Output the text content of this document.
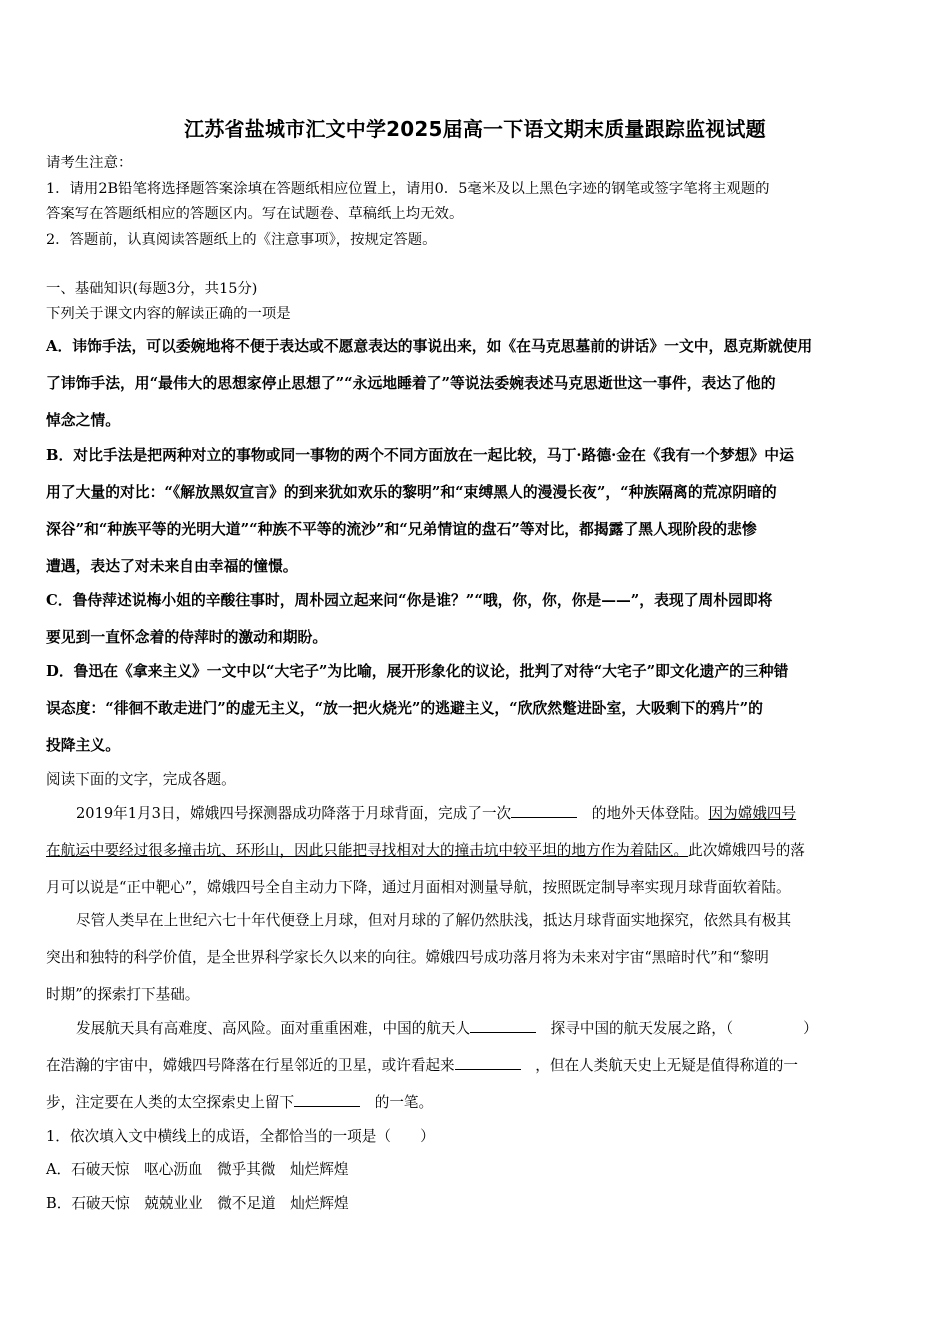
江苏省盐城市汇文中学2025届高一下语文期末质量跟踪监视试题
请考生注意：
1．请用2B铅笔将选择题答案涂填在答题纸相应位置上，请用0．5毫米及以上黑色字迹的钢笔或签字笔将主观题的
答案写在答题纸相应的答题区内。写在试题卷、草稿纸上均无效。
2．答题前，认真阅读答题纸上的《注意事项》，按规定答题。
一、基础知识(每题3分，共15分)
下列关于课文内容的解读正确的一项是
A．讳饰手法，可以委婉地将不便于表达或不愿意表达的事说出来，如《在马克思墓前的讲话》一文中，恩克斯就使用
了讳饰手法，用“最伟大的思想家停止思想了”“永远地睡着了”等说法委婉表述马克思逝世这一事件，表达了他的
悼念之情。
B．对比手法是把两种对立的事物或同一事物的两个不同方面放在一起比较，马丁·路德·金在《我有一个梦想》中运
用了大量的对比：“《解放黑奴宣言》的到来犹如欢乐的黎明”和“束缚黑人的漫漫长夜”，“种族隔离的荒凉阴暗的
深谷”和“种族平等的光明大道”“种族不平等的流沙”和“兄弟情谊的盘石”等对比，都揭露了黑人现阶段的悲惨
遭遇，表达了对未来自由幸福的憧憬。
C．鲁侍萍述说梅小姐的辛酸往事时，周朴园立起来问“你是谁？”“哦，你，你，你是——”，表现了周朴园即将
要见到一直怀念着的侍萍时的激动和期盼。
D．鲁迅在《拿来主义》一文中以“大宅子”为比喻，展开形象化的议论，批判了对待“大宅子”即文化遗产的三种错
误态度：“徘徊不敢走进门”的虚无主义，“放一把火烧光”的逃避主义，“欣欣然蹩进卧室，大吸剩下的鸦片”的
投降主义。
阅读下面的文字，完成各题。
2019年1月3日，嫦娥四号探测器成功降落于月球背面，完成了一次　	的地外天体登陆。因为嫦娥四号
在航运中要经过很多撞击坑、环形山，因此只能把寻找相对大的撞击坑中较平坦的地方作为着陆区。此次嫦娥四号的落
月可以说是“正中靶心”，嫦娥四号全自主动力下降，通过月面相对测量导航，按照既定制导率实现月球背面软着陆。
尽管人类早在上世纪六七十年代便登上月球，但对月球的了解仍然肤浅，抵达月球背面实地探究，依然具有极其
突出和独特的科学价值，是全世界科学家长久以来的向往。嫦娥四号成功落月将为未来对宇宙“黑暗时代”和“黎明
时期”的探索打下基础。
发展航天具有高难度、高风险。面对重重困难，中国的航天人　	探寻中国的航天发展之路，（	）
在浩瀚的宇宙中，嫦娥四号降落在行星邻近的卫星，或许看起来　	，但在人类航天史上无疑是值得称道的一
步，注定要在人类的太空探索史上留下　	的一笔。
1．依次填入文中横线上的成语，全都恰当的一项是（　　）
A．石破天惊　呕心沥血　微乎其微　灿烂辉煌
B．石破天惊　兢兢业业　微不足道　灿烂辉煌
